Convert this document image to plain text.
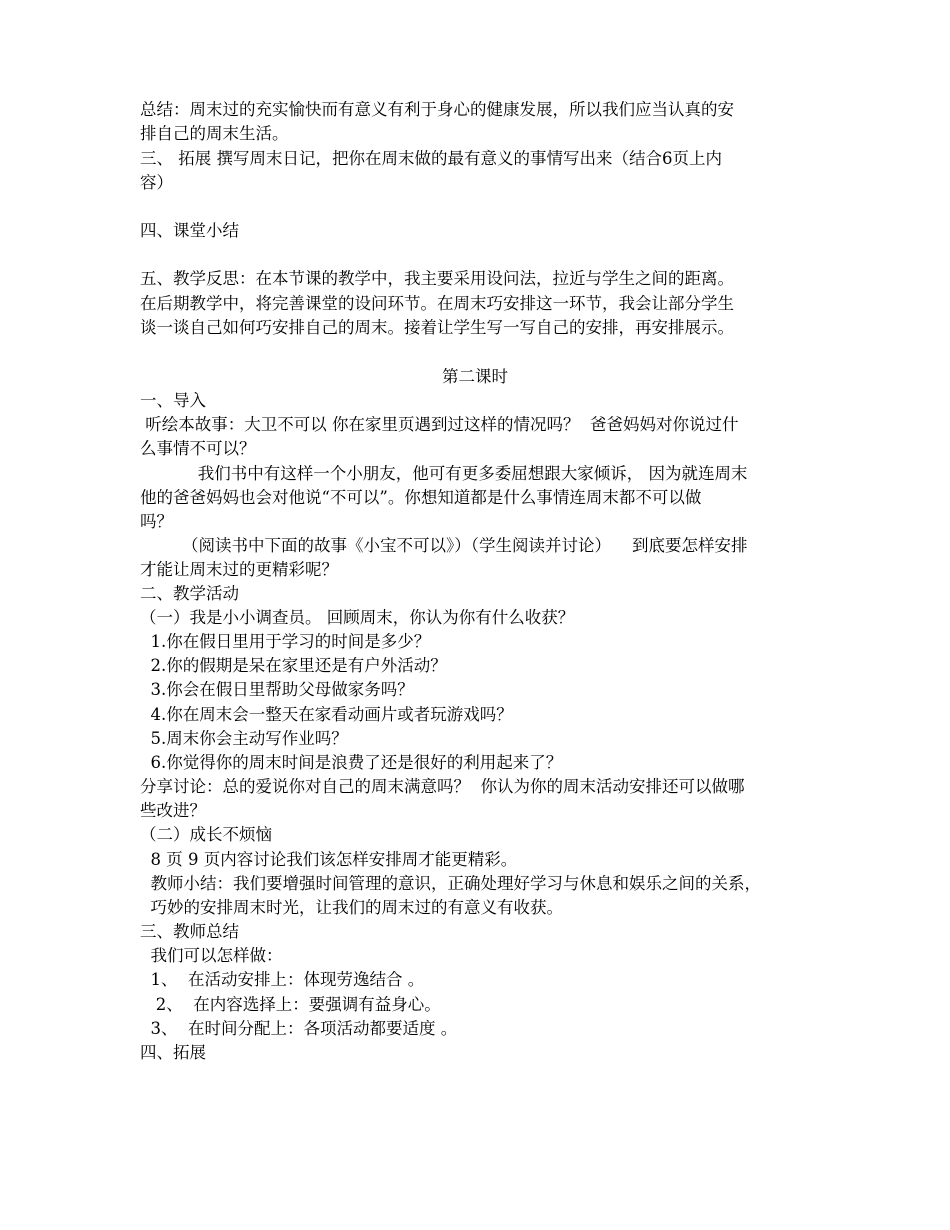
总结：周末过的充实愉快而有意义有利于身心的健康发展，所以我们应当认真的安
排自己的周末生活。
三、 拓展 撰写周末日记，把你在周末做的最有意义的事情写出来（结合6页上内
容）
四、课堂小结
五、教学反思：在本节课的教学中，我主要采用设问法，拉近与学生之间的距离。
在后期教学中，将完善课堂的设问环节。在周末巧安排这一环节，我会让部分学生
谈一谈自己如何巧安排自己的周末。接着让学生写一写自己的安排，再安排展示。
第二课时
一、导入
听绘本故事：大卫不可以 你在家里页遇到过这样的情况吗？  爸爸妈妈对你说过什
么事情不可以？
我们书中有这样一个小朋友，他可有更多委屈想跟大家倾诉， 因为就连周末
他的爸爸妈妈也会对他说“不可以”。你想知道都是什么事情连周末都不可以做
吗？
（阅读书中下面的故事《小宝不可以》）（学生阅读并讨论）    到底要怎样安排
才能让周末过的更精彩呢？
二、教学活动
（一）我是小小调查员。 回顾周末，你认为你有什么收获？
1.你在假日里用于学习的时间是多少？
2.你的假期是呆在家里还是有户外活动？
3.你会在假日里帮助父母做家务吗？
4.你在周末会一整天在家看动画片或者玩游戏吗？
5.周末你会主动写作业吗？
6.你觉得你的周末时间是浪费了还是很好的利用起来了？
分享讨论：总的爱说你对自己的周末满意吗？  你认为你的周末活动安排还可以做哪
些改进？
（二）成长不烦恼
8 页 9 页内容讨论我们该怎样安排周才能更精彩。
教师小结：我们要增强时间管理的意识，正确处理好学习与休息和娱乐之间的关系，
巧妙的安排周末时光，让我们的周末过的有意义有收获。
三、教师总结
我们可以怎样做：
1、  在活动安排上：体现劳逸结合 。
2、  在内容选择上：要强调有益身心。
3、  在时间分配上：各项活动都要适度 。
四、拓展
